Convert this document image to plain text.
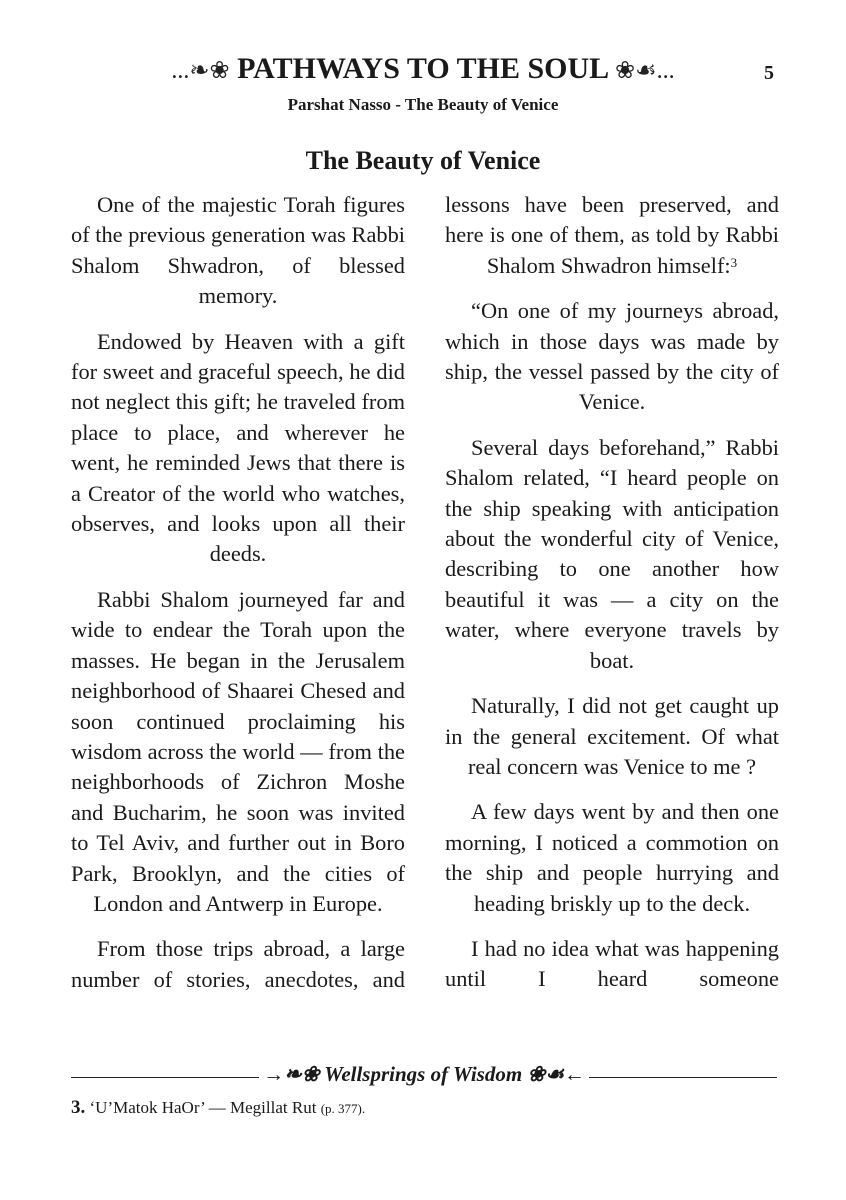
...❧❀ PATHWAYS TO THE SOUL ❀☙...	5
Parshat Nasso - The Beauty of Venice
The Beauty of Venice

One of the majestic Torah figures of the previous generation was Rabbi Shalom Shwadron, of blessed memory.

Endowed by Heaven with a gift for sweet and graceful speech, he did not neglect this gift; he traveled from place to place, and wherever he went, he reminded Jews that there is a Creator of the world who watches, observes, and looks upon all their deeds.

Rabbi Shalom journeyed far and wide to endear the Torah upon the masses. He began in the Jerusalem neighborhood of Shaarei Chesed and soon continued proclaiming his wisdom across the world — from the neighborhoods of Zichron Moshe and Bucharim, he soon was invited to Tel Aviv, and further out in Boro Park, Brooklyn, and the cities of London and Antwerp in Europe.

From those trips abroad, a large number of stories, anecdotes, and

lessons have been preserved, and here is one of them, as told by Rabbi Shalom Shwadron himself:$^3$

“On one of my journeys abroad, which in those days was made by ship, the vessel passed by the city of Venice.

Several days beforehand,” Rabbi Shalom related, “I heard people on the ship speaking with anticipation about the wonderful city of Venice, describing to one another how beautiful it was — a city on the water, where everyone travels by boat.

Naturally, I did not get caught up in the general excitement. Of what real concern was Venice to me ?

A few days went by and then one morning, I noticed a commotion on the ship and people hurrying and heading briskly up to the deck.

I had no idea what was happening until I heard someone

→❧❀ Wellsprings of Wisdom ❀☙←
3. ‘U’Matok HaOr’ — Megillat Rut (p. 377).
